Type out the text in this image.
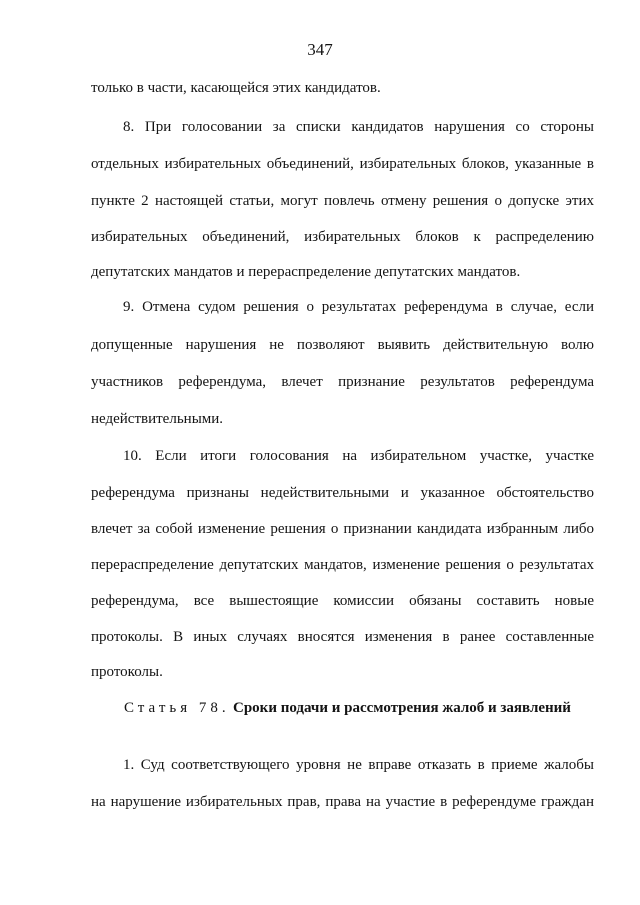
347
только в части, касающейся этих кандидатов.
8. При голосовании за списки кандидатов нарушения со стороны
отдельных избирательных объединений, избирательных блоков, указанные в
пункте 2 настоящей статьи, могут повлечь отмену решения о допуске этих
избирательных объединений, избирательных блоков к распределению
депутатских мандатов и перераспределение депутатских мандатов.
9. Отмена судом решения о результатах референдума в случае, если
допущенные нарушения не позволяют выявить действительную волю
участников референдума, влечет признание результатов референдума
недействительными.
10. Если итоги голосования на избирательном участке, участке
референдума признаны недействительными и указанное обстоятельство
влечет за собой изменение решения о признании кандидата избранным либо
перераспределение депутатских мандатов, изменение решения о результатах
референдума, все вышестоящие комиссии обязаны составить новые
протоколы. В иных случаях вносятся изменения в ранее составленные
протоколы.
Статья 78. Сроки подачи и рассмотрения жалоб и заявлений
1. Суд соответствующего уровня не вправе отказать в приеме жалобы
на нарушение избирательных прав, права на участие в референдуме граждан
